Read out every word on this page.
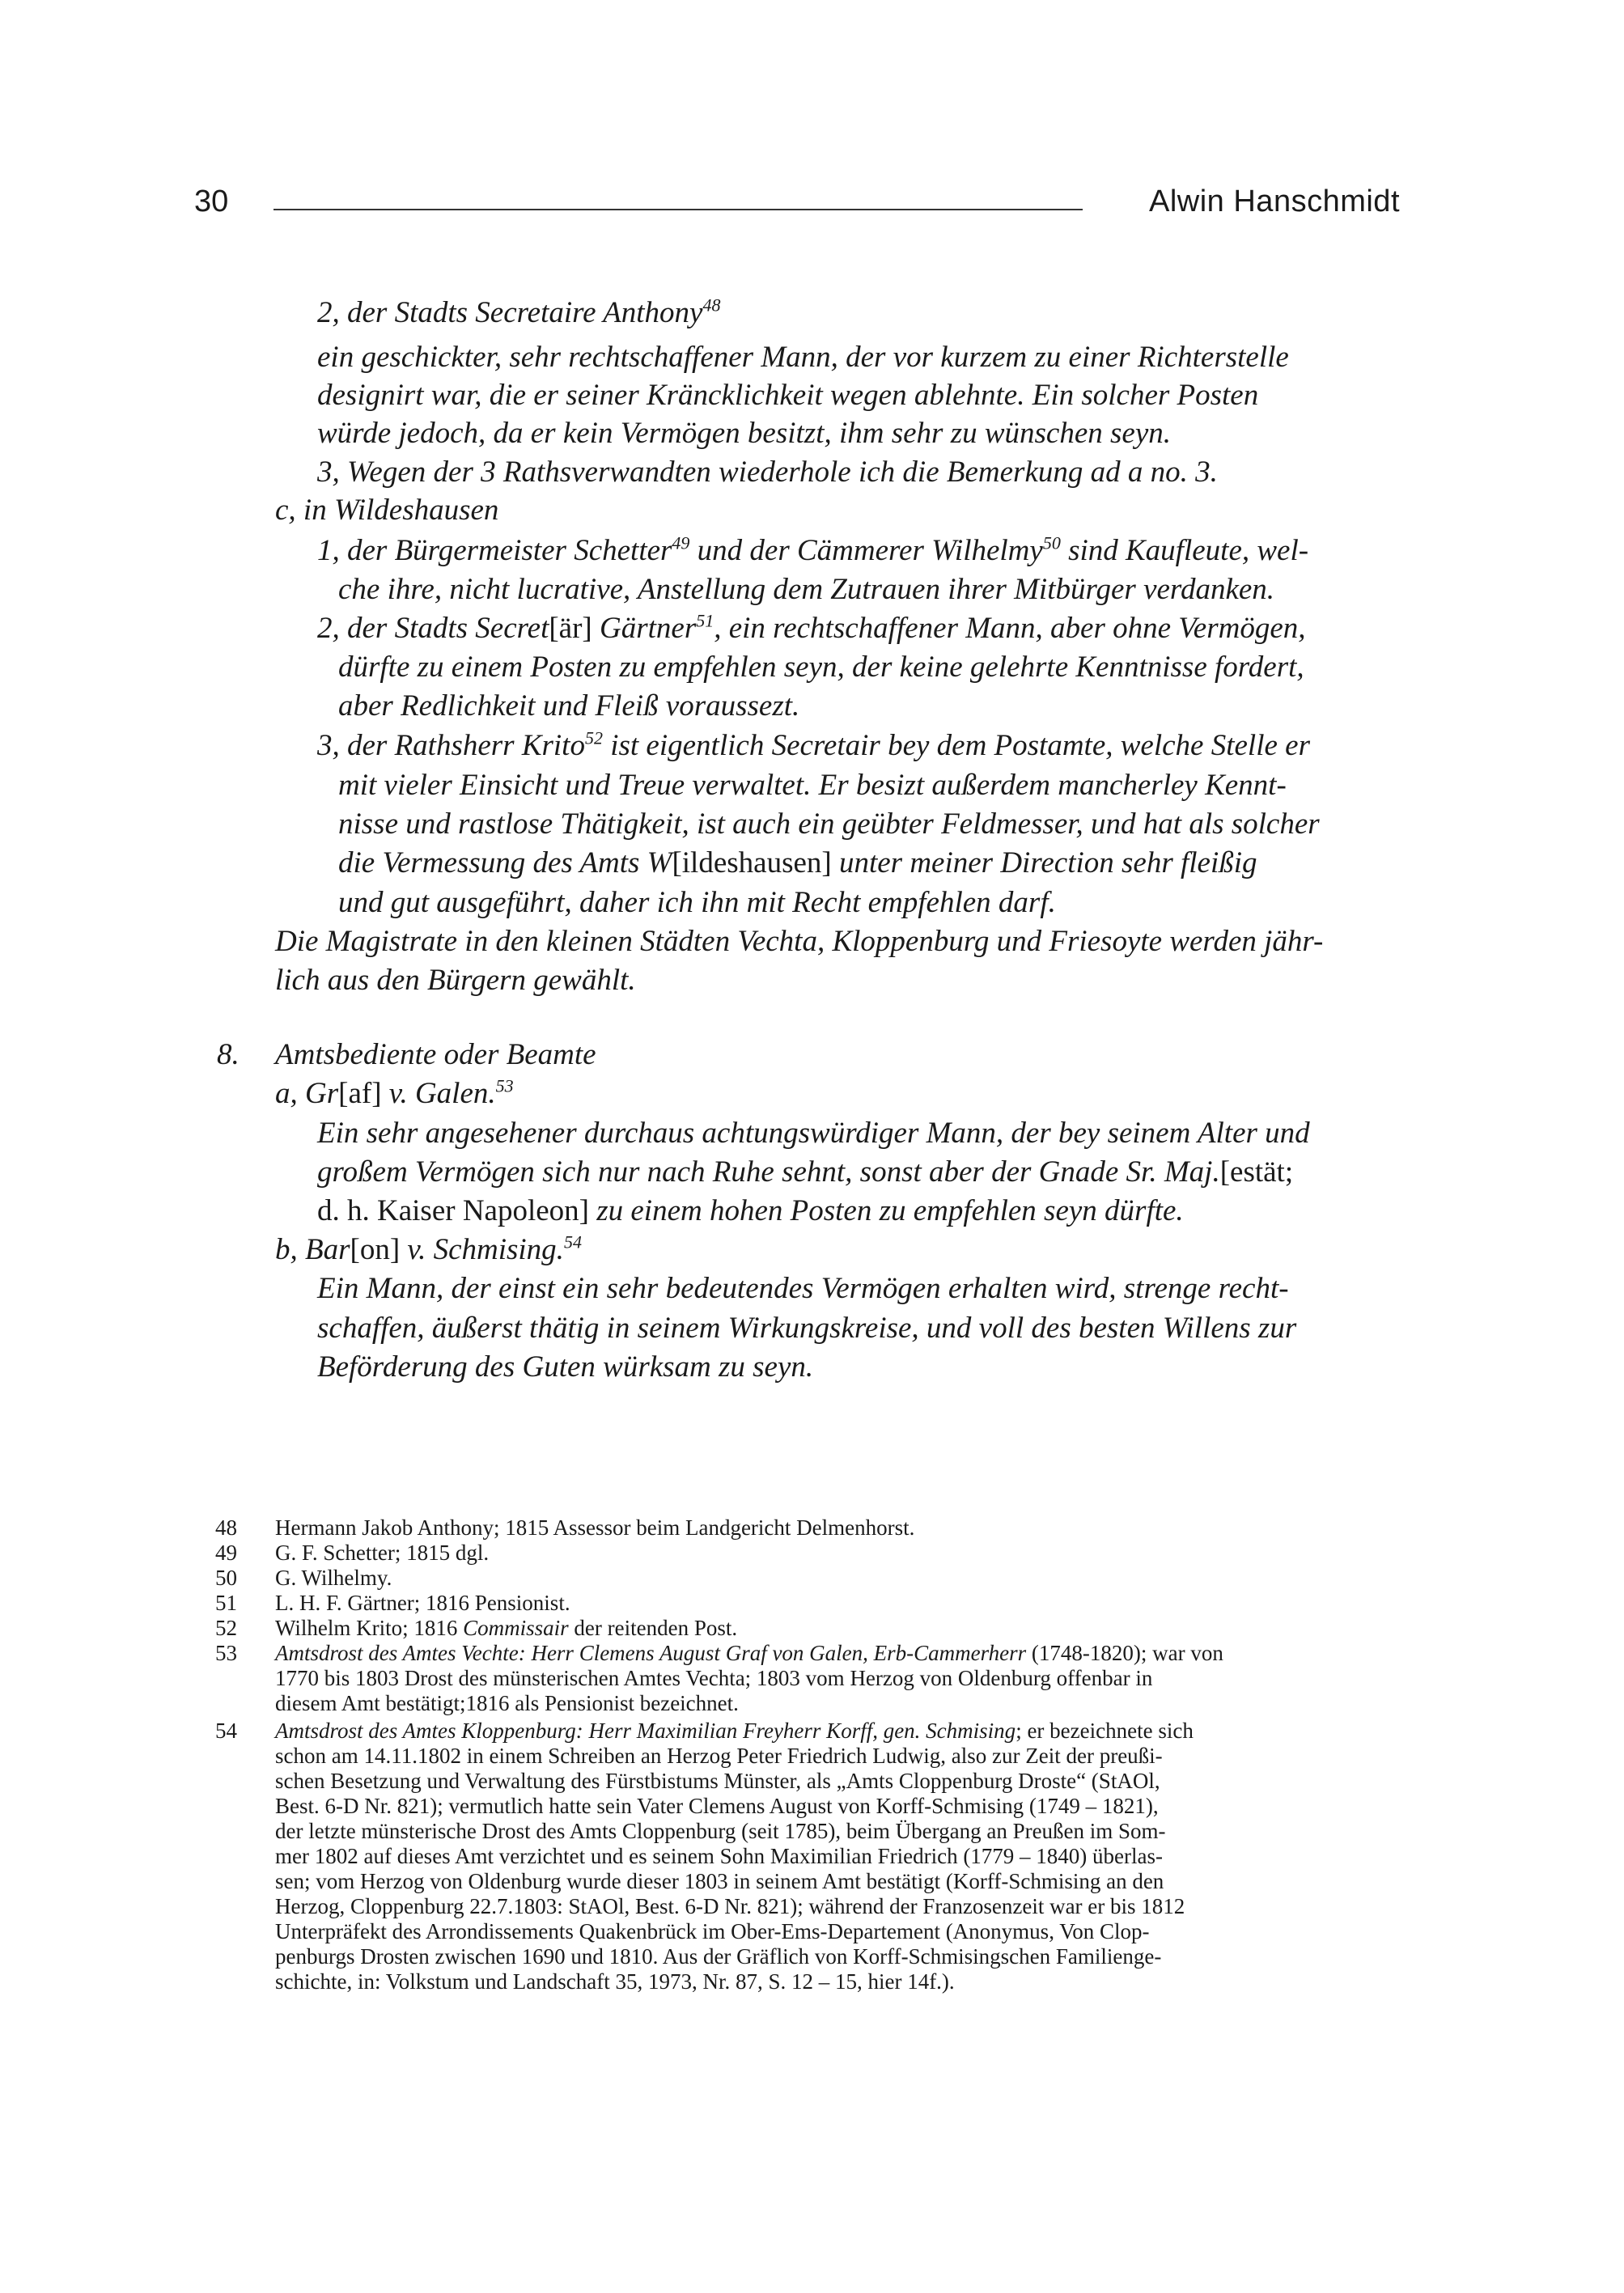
30	Alwin Hanschmidt
2, der Stadts Secretaire Anthony$^{48}$
ein geschickter, sehr rechtschaffener Mann, der vor kurzem zu einer Richterstelle
designirt war, die er seiner Kräncklichkeit wegen ablehnte. Ein solcher Posten
würde jedoch, da er kein Vermögen besitzt, ihm sehr zu wünschen seyn.
3, Wegen der 3 Rathsverwandten wiederhole ich die Bemerkung ad a no. 3.
c, in Wildeshausen
1, der Bürgermeister Schetter$^{49}$ und der Cämmerer Wilhelmy$^{50}$ sind Kaufleute, wel-
che ihre, nicht lucrative, Anstellung dem Zutrauen ihrer Mitbürger verdanken.
2, der Stadts Secret[är] Gärtner$^{51}$, ein rechtschaffener Mann, aber ohne Vermögen,
dürfte zu einem Posten zu empfehlen seyn, der keine gelehrte Kenntnisse fordert,
aber Redlichkeit und Fleiß voraussezt.
3, der Rathsherr Krito$^{52}$ ist eigentlich Secretair bey dem Postamte, welche Stelle er
mit vieler Einsicht und Treue verwaltet. Er besizt außerdem mancherley Kennt-
nisse und rastlose Thätigkeit, ist auch ein geübter Feldmesser, und hat als solcher
die Vermessung des Amts W[ildeshausen] unter meiner Direction sehr fleißig
und gut ausgeführt, daher ich ihn mit Recht empfehlen darf.
Die Magistrate in den kleinen Städten Vechta, Kloppenburg und Friesoyte werden jähr-
lich aus den Bürgern gewählt.
8. Amtsbediente oder Beamte
a, Gr[af] v. Galen.$^{53}$
Ein sehr angesehener durchaus achtungswürdiger Mann, der bey seinem Alter und
großem Vermögen sich nur nach Ruhe sehnt, sonst aber der Gnade Sr. Maj.[estät;
d. h. Kaiser Napoleon] zu einem hohen Posten zu empfehlen seyn dürfte.
b, Bar[on] v. Schmising.$^{54}$
Ein Mann, der einst ein sehr bedeutendes Vermögen erhalten wird, strenge recht-
schaffen, äußerst thätig in seinem Wirkungskreise, und voll des besten Willens zur
Beförderung des Guten würksam zu seyn.
48 Hermann Jakob Anthony; 1815 Assessor beim Landgericht Delmenhorst.
49 G. F. Schetter; 1815 dgl.
50 G. Wilhelmy.
51 L. H. F. Gärtner; 1816 Pensionist.
52 Wilhelm Krito; 1816 Commissair der reitenden Post.
53 Amtsdrost des Amtes Vechte: Herr Clemens August Graf von Galen, Erb-Cammerherr (1748-1820); war von
1770 bis 1803 Drost des münsterischen Amtes Vechta; 1803 vom Herzog von Oldenburg offenbar in
diesem Amt bestätigt;1816 als Pensionist bezeichnet.
54 Amtsdrost des Amtes Kloppenburg: Herr Maximilian Freyherr Korff, gen. Schmising; er bezeichnete sich
schon am 14.11.1802 in einem Schreiben an Herzog Peter Friedrich Ludwig, also zur Zeit der preußi-
schen Besetzung und Verwaltung des Fürstbistums Münster, als „Amts Cloppenburg Droste“ (StAOl,
Best. 6-D Nr. 821); vermutlich hatte sein Vater Clemens August von Korff-Schmising (1749 – 1821),
der letzte münsterische Drost des Amts Cloppenburg (seit 1785), beim Übergang an Preußen im Som-
mer 1802 auf dieses Amt verzichtet und es seinem Sohn Maximilian Friedrich (1779 – 1840) überlas-
sen; vom Herzog von Oldenburg wurde dieser 1803 in seinem Amt bestätigt (Korff-Schmising an den
Herzog, Cloppenburg 22.7.1803: StAOl, Best. 6-D Nr. 821); während der Franzosenzeit war er bis 1812
Unterpräfekt des Arrondissements Quakenbrück im Ober-Ems-Departement (Anonymus, Von Clop-
penburgs Drosten zwischen 1690 und 1810. Aus der Gräflich von Korff-Schmisingschen Familienge-
schichte, in: Volkstum und Landschaft 35, 1973, Nr. 87, S. 12 – 15, hier 14f.).
